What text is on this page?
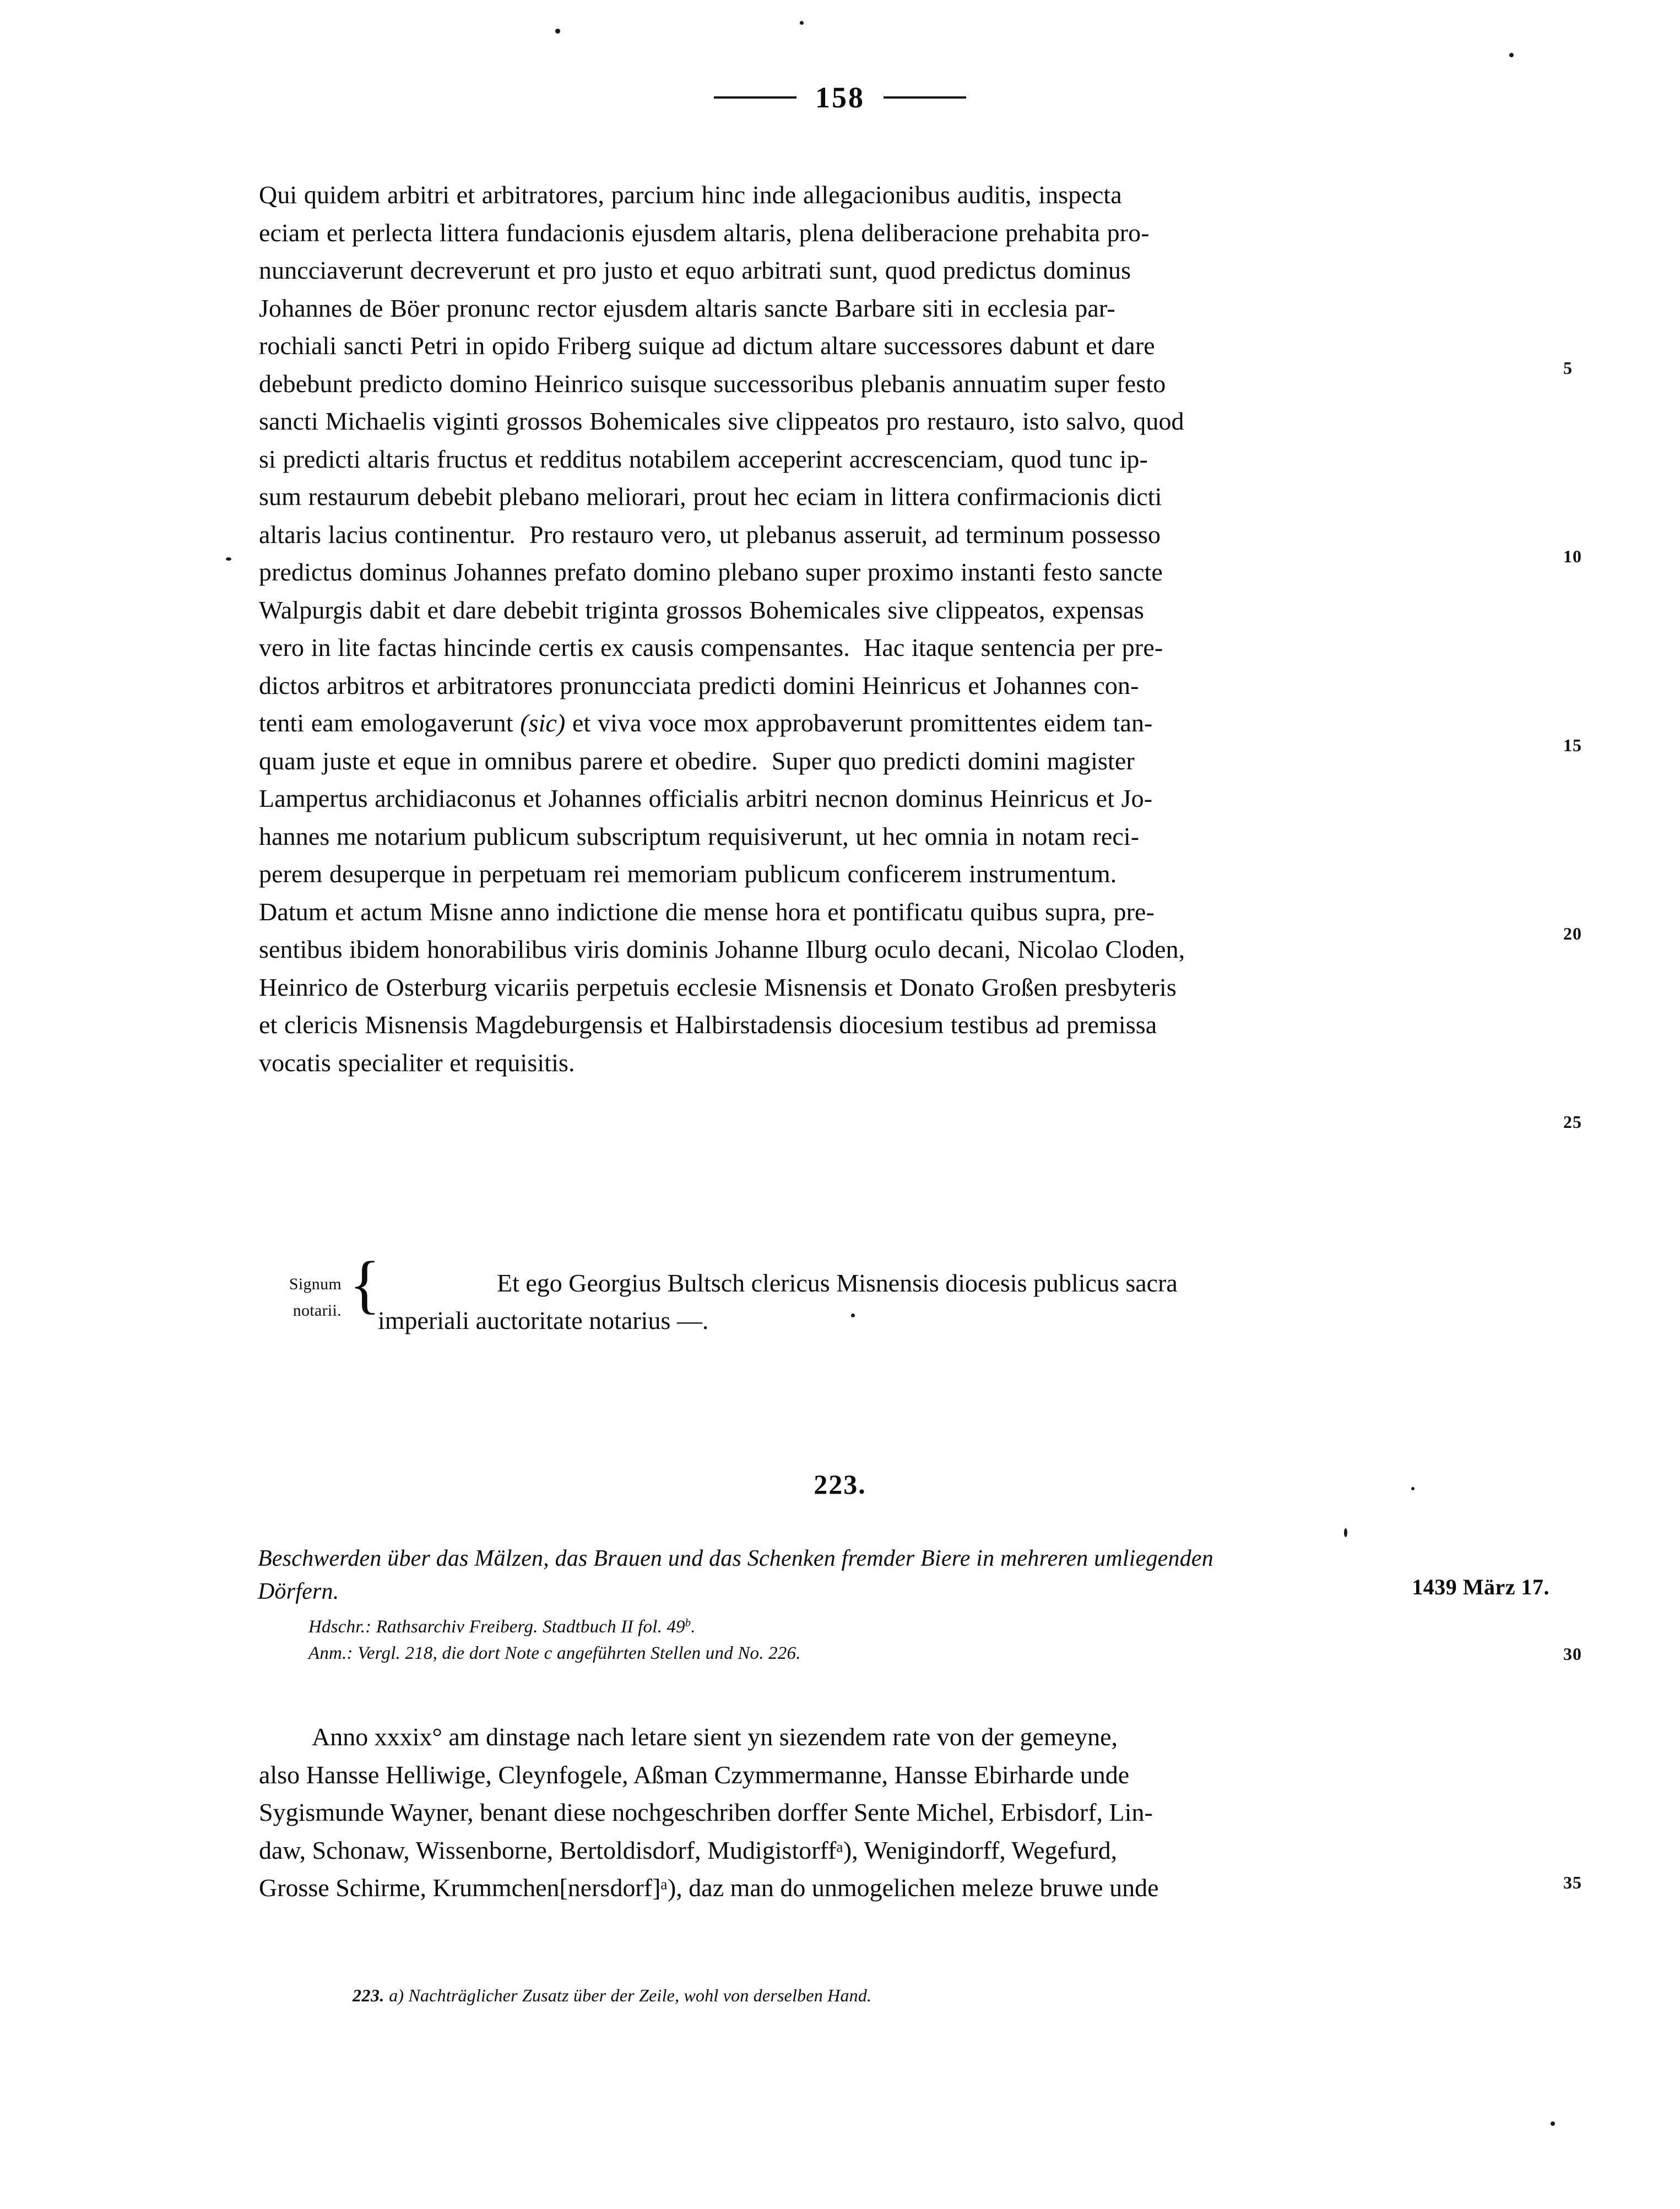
158
Qui quidem arbitri et arbitratores, parcium hinc inde allegacionibus auditis, inspecta
eciam et perlecta littera fundacionis ejusdem altaris, plena deliberacione prehabita pro-
nuncciaverunt decreverunt et pro justo et equo arbitrati sunt, quod predictus dominus
Johannes de Böer pronunc rector ejusdem altaris sancte Barbare siti in ecclesia par-
rochiali sancti Petri in opido Friberg suique ad dictum altare successores dabunt et dare
debebunt predicto domino Heinrico suisque successoribus plebanis annuatim super festo
sancti Michaelis viginti grossos Bohemicales sive clippeatos pro restauro, isto salvo, quod
si predicti altaris fructus et redditus notabilem acceperint accrescenciam, quod tunc ip-
sum restaurum debebit plebano meliorari, prout hec eciam in littera confirmacionis dicti
altaris lacius continentur.  Pro restauro vero, ut plebanus asseruit, ad terminum possesso
predictus dominus Johannes prefato domino plebano super proximo instanti festo sancte
Walpurgis dabit et dare debebit triginta grossos Bohemicales sive clippeatos, expensas
vero in lite factas hincinde certis ex causis compensantes.  Hac itaque sentencia per pre-
dictos arbitros et arbitratores pronuncciata predicti domini Heinricus et Johannes con-
tenti eam emologaverunt (sic) et viva voce mox approbaverunt promittentes eidem tan-
quam juste et eque in omnibus parere et obedire.  Super quo predicti domini magister
Lampertus archidiaconus et Johannes officialis arbitri necnon dominus Heinricus et Jo-
hannes me notarium publicum subscriptum requisiverunt, ut hec omnia in notam reci-
perem desuperque in perpetuam rei memoriam publicum conficerem instrumentum.
Datum et actum Misne anno indictione die mense hora et pontificatu quibus supra, pre-
sentibus ibidem honorabilibus viris dominis Johanne Ilburg oculo decani, Nicolao Cloden,
Heinrico de Osterburg vicariis perpetuis ecclesie Misnensis et Donato Großen presbyteris
et clericis Misnensis Magdeburgensis et Halbirstadensis diocesium testibus ad premissa
vocatis specialiter et requisitis.
Signum
notarii. {	Et ego Georgius Bultsch clericus Misnensis diocesis publicus sacra
imperiali auctoritate notarius —.
223.
Beschwerden über das Mälzen, das Brauen und das Schenken fremder Biere in mehreren umliegenden
Dörfern.	1439 März 17.
Hdschr.: Rathsarchiv Freiberg. Stadtbuch II fol. 49$^b$.
Anm.: Vergl. 218, die dort Note c angeführten Stellen und No. 226.
Anno xxxix° am dinstage nach letare sient yn siezendem rate von der gemeyne,
also Hansse Helliwige, Cleynfogele, Aßman Czymmermanne, Hansse Ebirharde unde
Sygismunde Wayner, benant diese nochgeschriben dorffer Sente Michel, Erbisdorf, Lin-
daw, Schonaw, Wissenborne, Bertoldisdorf, Mudigistorffᵃ), Wenigindorff, Wegefurd,
Grosse Schirme, Krummchen[nersdorf]ᵃ), daz man do unmogelichen meleze bruwe unde
223. a) Nachträglicher Zusatz über der Zeile, wohl von derselben Hand.
5
10
15
20
25
30
35
